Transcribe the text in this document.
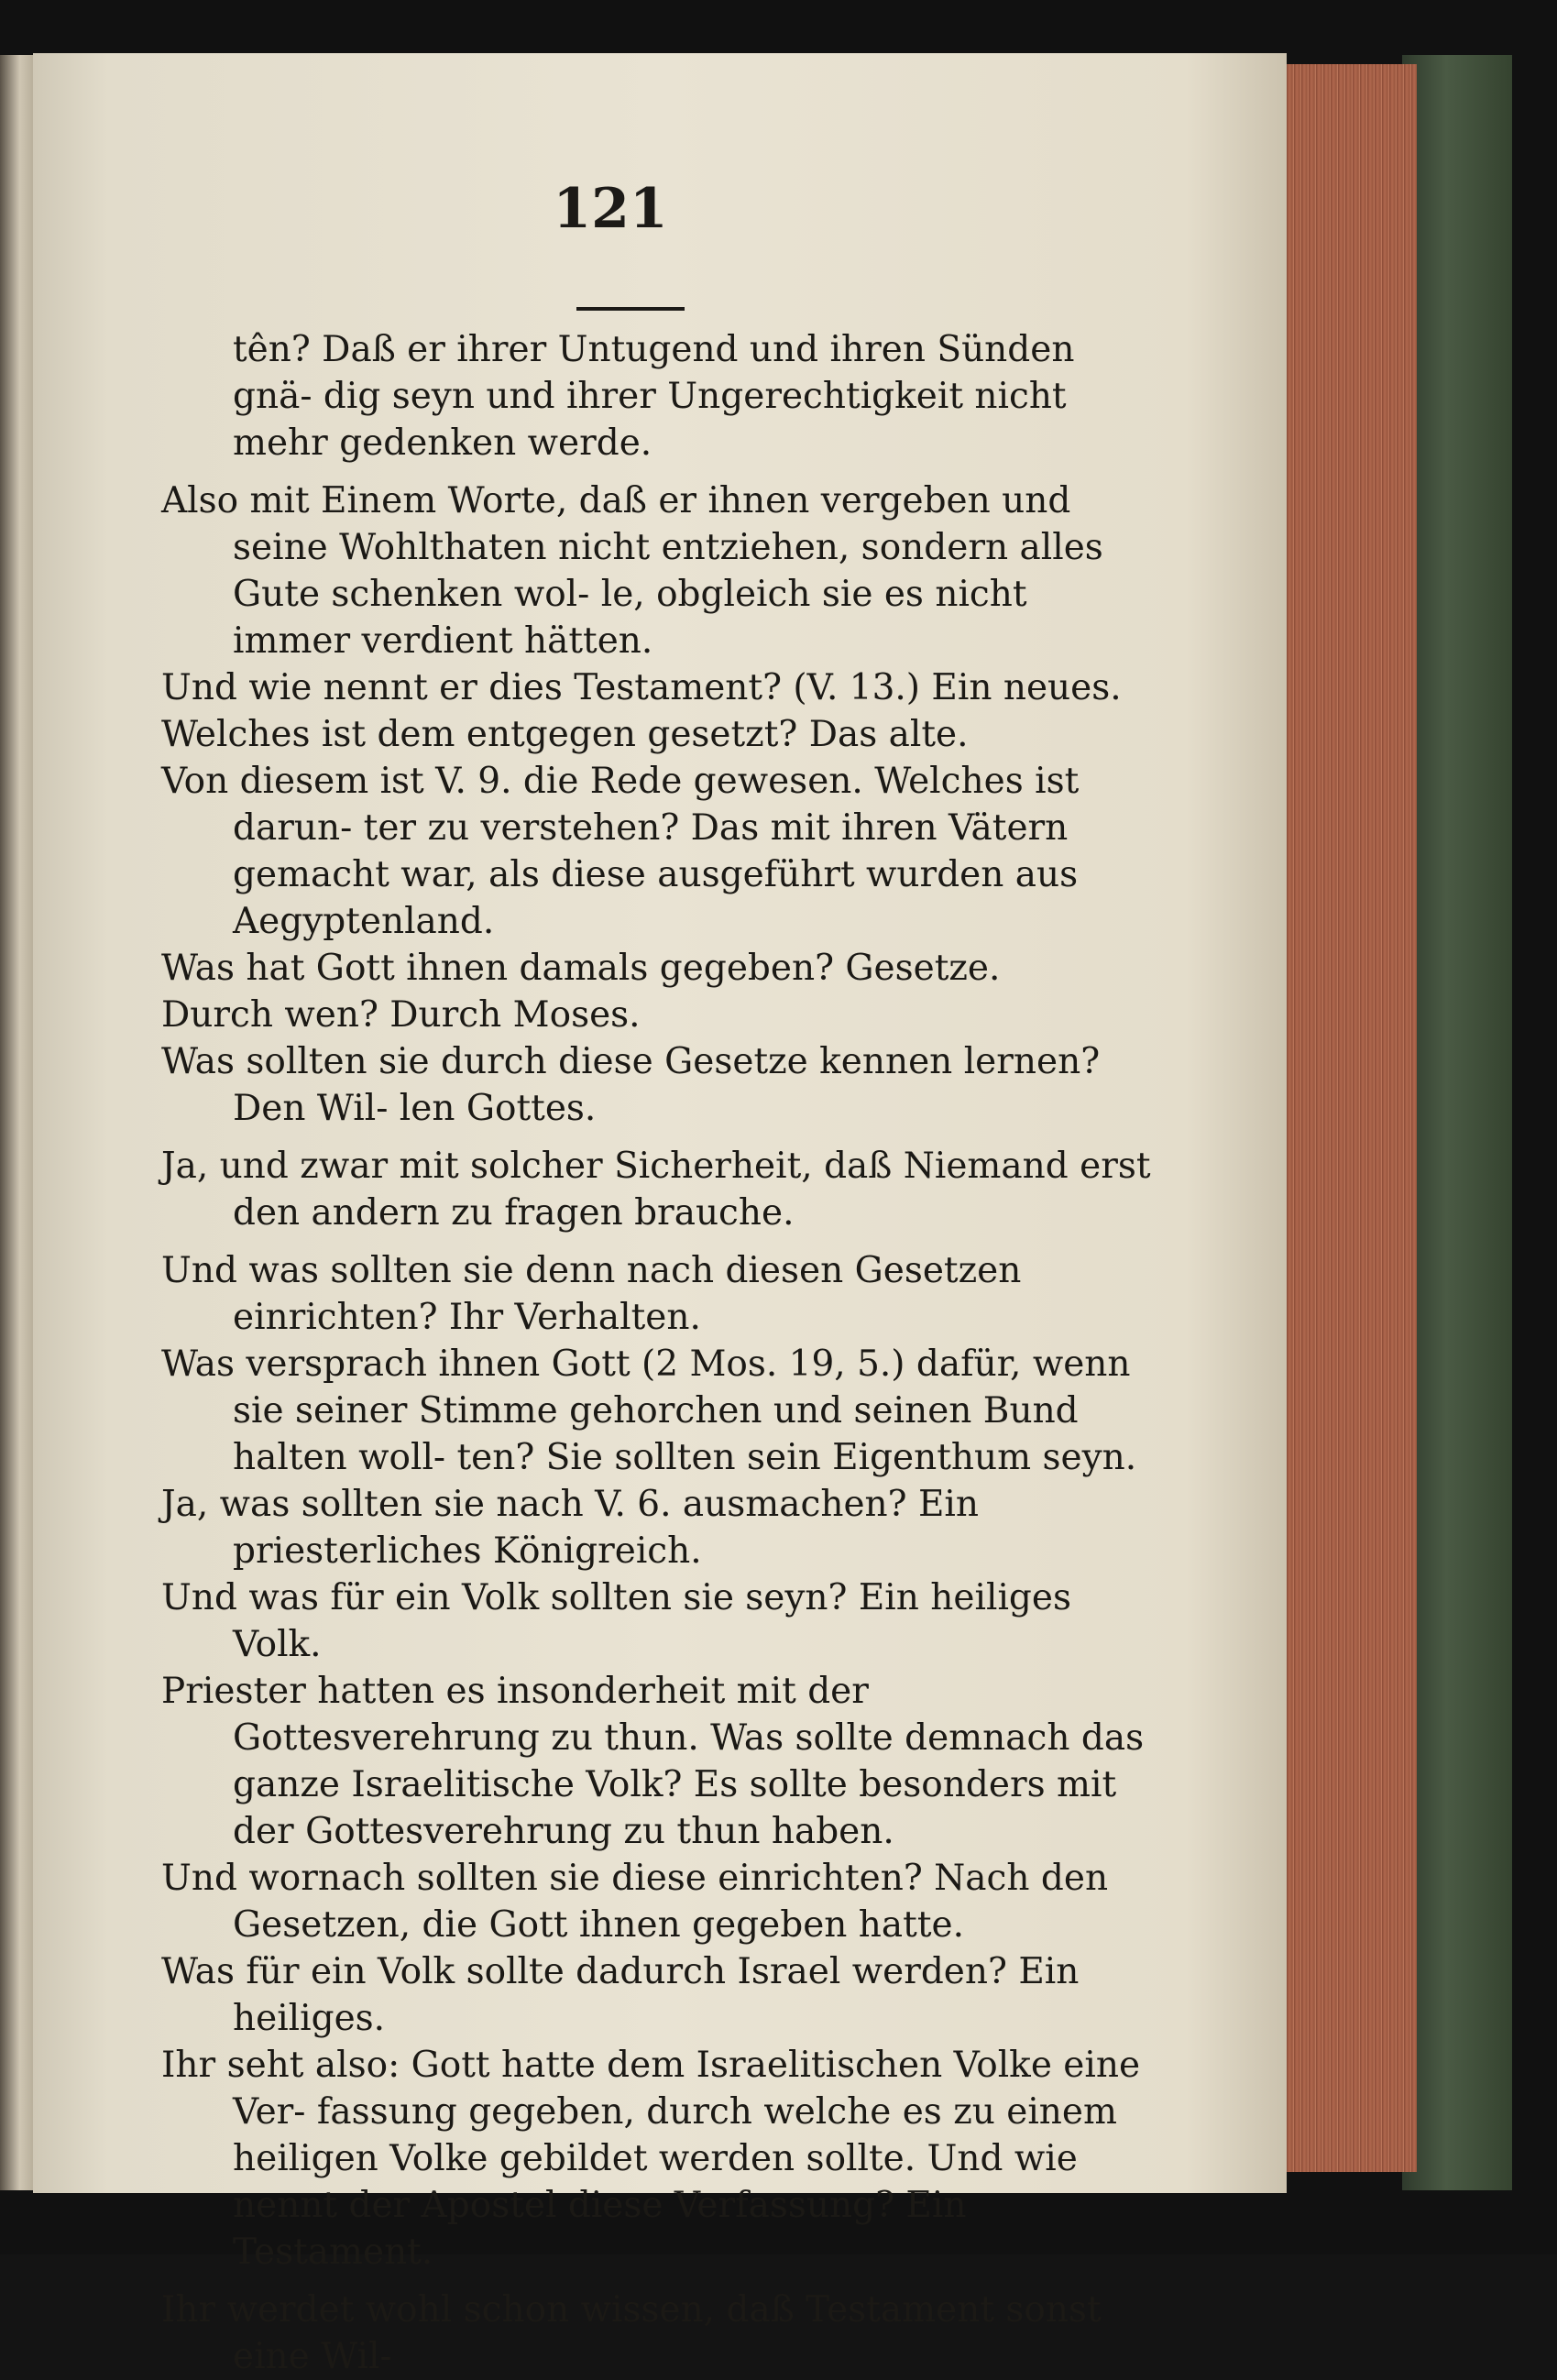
121

tên? Daß er ihrer Untugend und ihren Sünden gnä- dig seyn und ihrer Ungerechtigkeit nicht mehr gedenken werde.

Also mit Einem Worte, daß er ihnen vergeben und seine Wohlthaten nicht entziehen, sondern alles Gute schenken wol- le, obgleich sie es nicht immer verdient hätten.

Und wie nennt er dies Testament? (V. 13.) Ein neues.

Welches ist dem entgegen gesetzt? Das alte.

Von diesem ist V. 9. die Rede gewesen. Welches ist darun- ter zu verstehen? Das mit ihren Vätern gemacht war, als diese ausgeführt wurden aus Aegyptenland.

Was hat Gott ihnen damals gegeben? Gesetze.

Durch wen? Durch Moses.

Was sollten sie durch diese Gesetze kennen lernen? Den Wil- len Gottes.

Ja, und zwar mit solcher Sicherheit, daß Niemand erst den andern zu fragen brauche.

Und was sollten sie denn nach diesen Gesetzen einrichten? Ihr Verhalten.

Was versprach ihnen Gott (2 Mos. 19, 5.) dafür, wenn sie seiner Stimme gehorchen und seinen Bund halten woll- ten? Sie sollten sein Eigenthum seyn.

Ja, was sollten sie nach V. 6. ausmachen? Ein priesterliches Königreich.

Und was für ein Volk sollten sie seyn? Ein heiliges Volk.

Priester hatten es insonderheit mit der Gottesverehrung zu thun. Was sollte demnach das ganze Israelitische Volk? Es sollte besonders mit der Gottesverehrung zu thun haben.

Und wornach sollten sie diese einrichten? Nach den Gesetzen, die Gott ihnen gegeben hatte.

Was für ein Volk sollte dadurch Israel werden? Ein heiliges.

Ihr seht also: Gott hatte dem Israelitischen Volke eine Ver- fassung gegeben, durch welche es zu einem heiligen Volke gebildet werden sollte. Und wie nennt der Apostel diese Verfassung? Ein Testament.

Ihr werdet wohl schon wissen, daß Testament sonst eine Wil-
